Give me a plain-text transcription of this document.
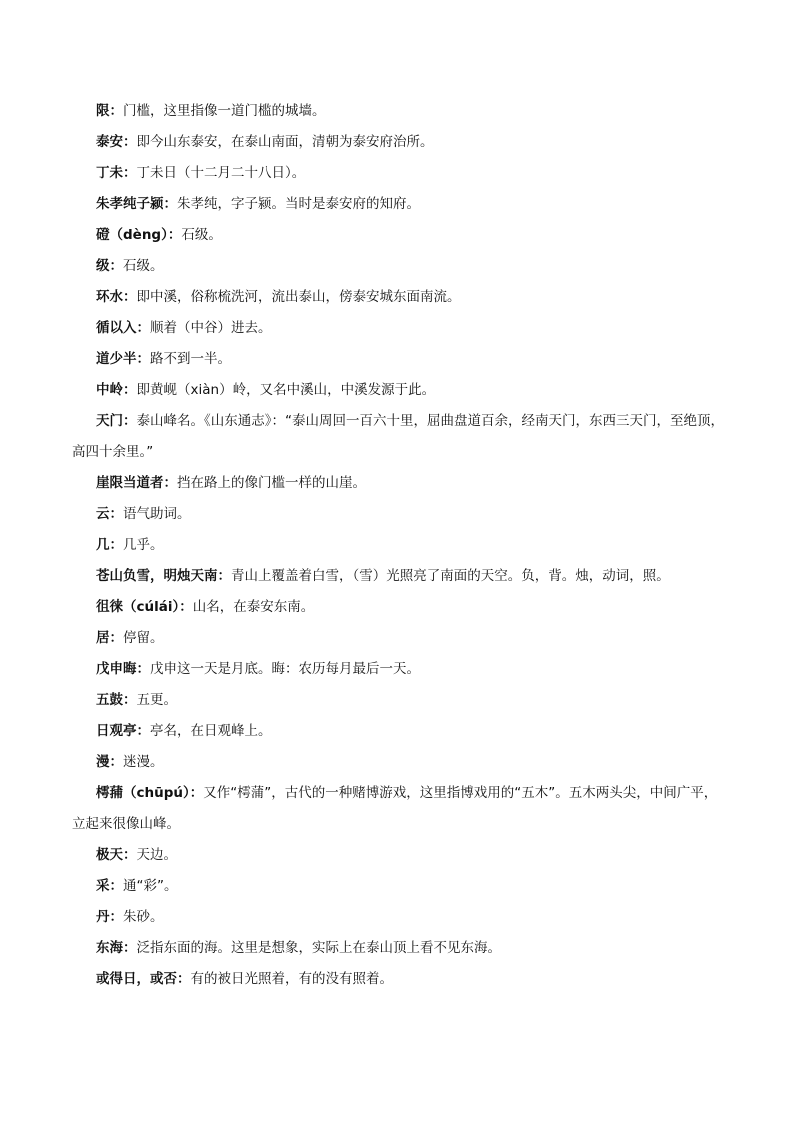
限：门槛，这里指像一道门槛的城墙。

泰安：即今山东泰安，在泰山南面，清朝为泰安府治所。

丁未：丁未日（十二月二十八日）。

朱孝纯子颍：朱孝纯，字子颍。当时是泰安府的知府。

磴（dèng）：石级。

级：石级。

环水：即中溪，俗称梳洗河，流出泰山，傍泰安城东面南流。

循以入：顺着（中谷）进去。

道少半：路不到一半。

中岭：即黄岘（xiàn）岭，又名中溪山，中溪发源于此。

天门：泰山峰名。《山东通志》：“泰山周回一百六十里，屈曲盘道百余，经南天门，东西三天门，至绝顶，高四十余里。”

崖限当道者：挡在路上的像门槛一样的山崖。

云：语气助词。

几：几乎。

苍山负雪，明烛天南：青山上覆盖着白雪，（雪）光照亮了南面的天空。负，背。烛，动词，照。

徂徕（cúlái）：山名，在泰安东南。

居：停留。

戊申晦：戊申这一天是月底。晦：农历每月最后一天。

五鼓：五更。

日观亭：亭名，在日观峰上。

漫：迷漫。

樗蒱（chūpú）：又作“樗蒲”，古代的一种赌博游戏，这里指博戏用的“五木”。五木两头尖，中间广平，立起来很像山峰。

极天：天边。

采：通“彩”。

丹：朱砂。

东海：泛指东面的海。这里是想象，实际上在泰山顶上看不见东海。

或得日，或否：有的被日光照着，有的没有照着。
